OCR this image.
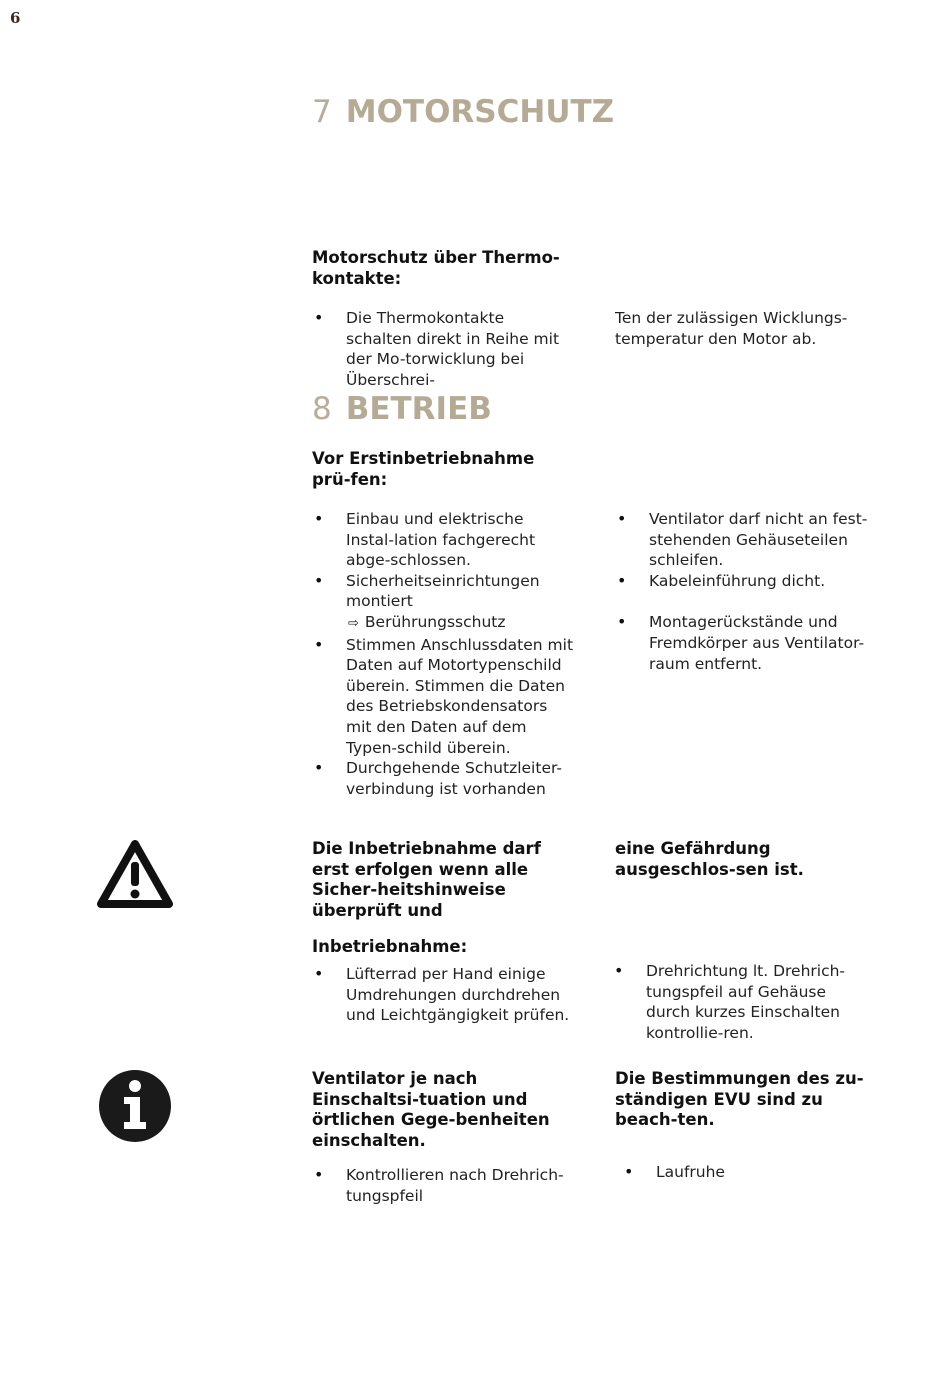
6
7 MOTORSCHUTZ
Motorschutz über Thermo-kontakte:
• Die Thermokontakte schalten direkt in Reihe mit der Mo-torwicklung bei Überschrei-
Ten der zulässigen Wicklungs-temperatur den Motor ab.
8 BETRIEB
Vor Erstinbetriebnahme prü-fen:
• Einbau und elektrische Instal-lation fachgerecht abge-schlossen.
• Sicherheitseinrichtungen montiert
⇨ Berührungsschutz
• Stimmen Anschlussdaten mit Daten auf Motortypenschild überein. Stimmen die Daten des Betriebskondensators mit den Daten auf dem Typen-schild überein.
• Durchgehende Schutzleiter-verbindung ist vorhanden
• Ventilator darf nicht an fest-stehenden Gehäuseteilen schleifen.
• Kabeleinführung dicht.
• Montagerückstände und Fremdkörper aus Ventilator-raum entfernt.
Die Inbetriebnahme darf erst erfolgen wenn alle Sicher-heitshinweise überprüft und
eine Gefährdung ausgeschlos-sen ist.
Inbetriebnahme:
• Lüfterrad per Hand einige Umdrehungen durchdrehen und Leichtgängigkeit prüfen.
• Drehrichtung lt. Drehrich-tungspfeil auf Gehäuse durch kurzes Einschalten kontrollie-ren.
Ventilator je nach Einschaltsi-tuation und örtlichen Gege-benheiten einschalten.
Die Bestimmungen des zu-ständigen EVU sind zu beach-ten.
• Kontrollieren nach Drehrich-tungspfeil
• Laufruhe
